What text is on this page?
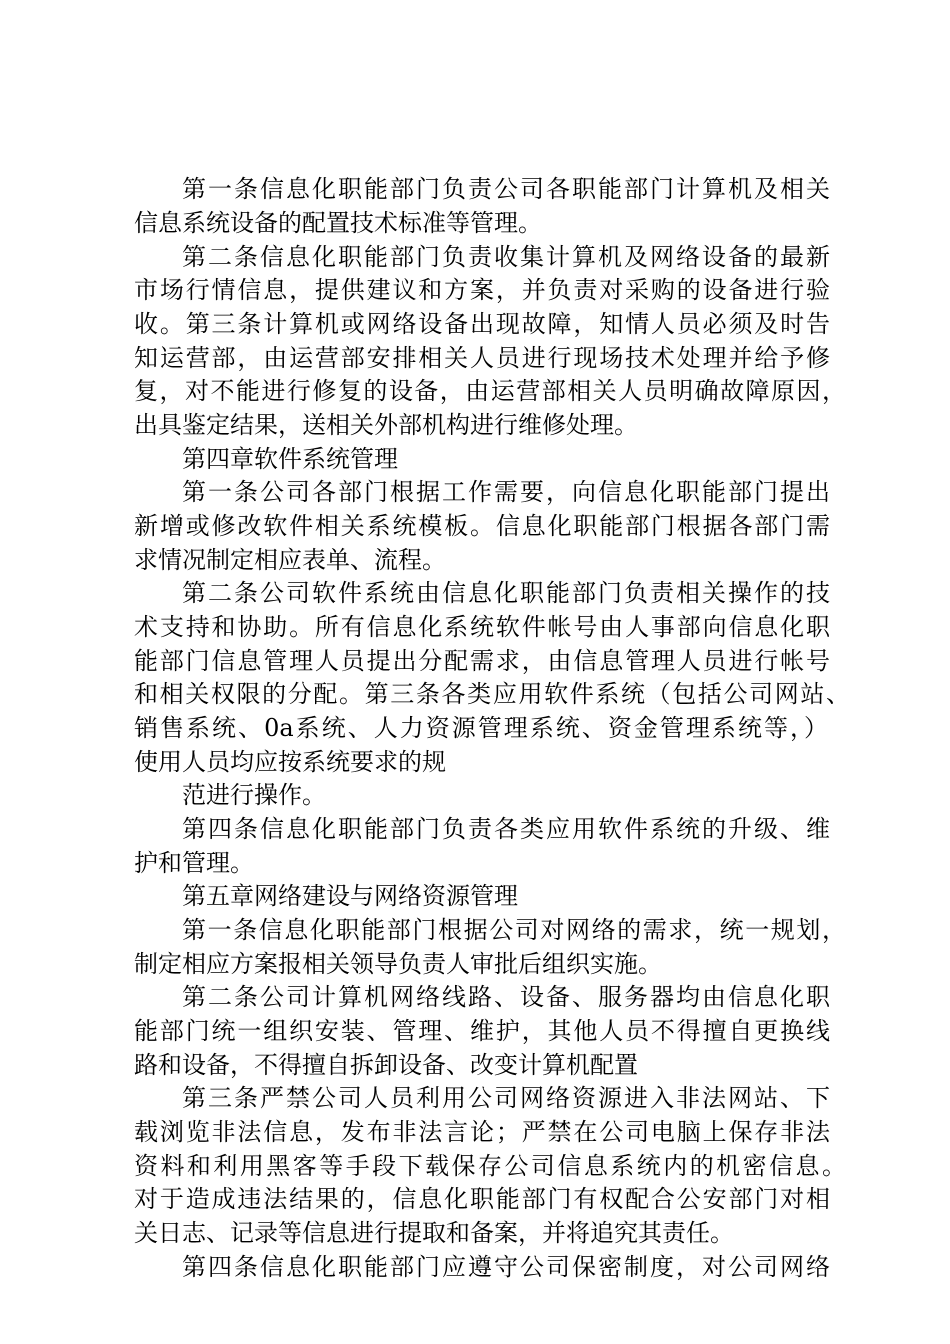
第一条信息化职能部门负责公司各职能部门计算机及相关
信息系统设备的配置技术标准等管理。
第二条信息化职能部门负责收集计算机及网络设备的最新
市场行情信息，提供建议和方案，并负责对采购的设备进行验
收。第三条计算机或网络设备出现故障，知情人员必须及时告
知运营部，由运营部安排相关人员进行现场技术处理并给予修
复，对不能进行修复的设备，由运营部相关人员明确故障原因，
出具鉴定结果，送相关外部机构进行维修处理。
第四章软件系统管理
第一条公司各部门根据工作需要，向信息化职能部门提出
新增或修改软件相关系统模板。信息化职能部门根据各部门需
求情况制定相应表单、流程。
第二条公司软件系统由信息化职能部门负责相关操作的技
术支持和协助。所有信息化系统软件帐号由人事部向信息化职
能部门信息管理人员提出分配需求，由信息管理人员进行帐号
和相关权限的分配。第三条各类应用软件系统（包括公司网站、
销售系统、0a系统、人力资源管理系统、资金管理系统等，）
使用人员均应按系统要求的规
范进行操作。
第四条信息化职能部门负责各类应用软件系统的升级、维
护和管理。
第五章网络建设与网络资源管理
第一条信息化职能部门根据公司对网络的需求，统一规划，
制定相应方案报相关领导负责人审批后组织实施。
第二条公司计算机网络线路、设备、服务器均由信息化职
能部门统一组织安装、管理、维护，其他人员不得擅自更换线
路和设备，不得擅自拆卸设备、改变计算机配置
第三条严禁公司人员利用公司网络资源进入非法网站、下
载浏览非法信息，发布非法言论；严禁在公司电脑上保存非法
资料和利用黑客等手段下载保存公司信息系统内的机密信息。
对于造成违法结果的，信息化职能部门有权配合公安部门对相
关日志、记录等信息进行提取和备案，并将追究其责任。
第四条信息化职能部门应遵守公司保密制度，对公司网络
